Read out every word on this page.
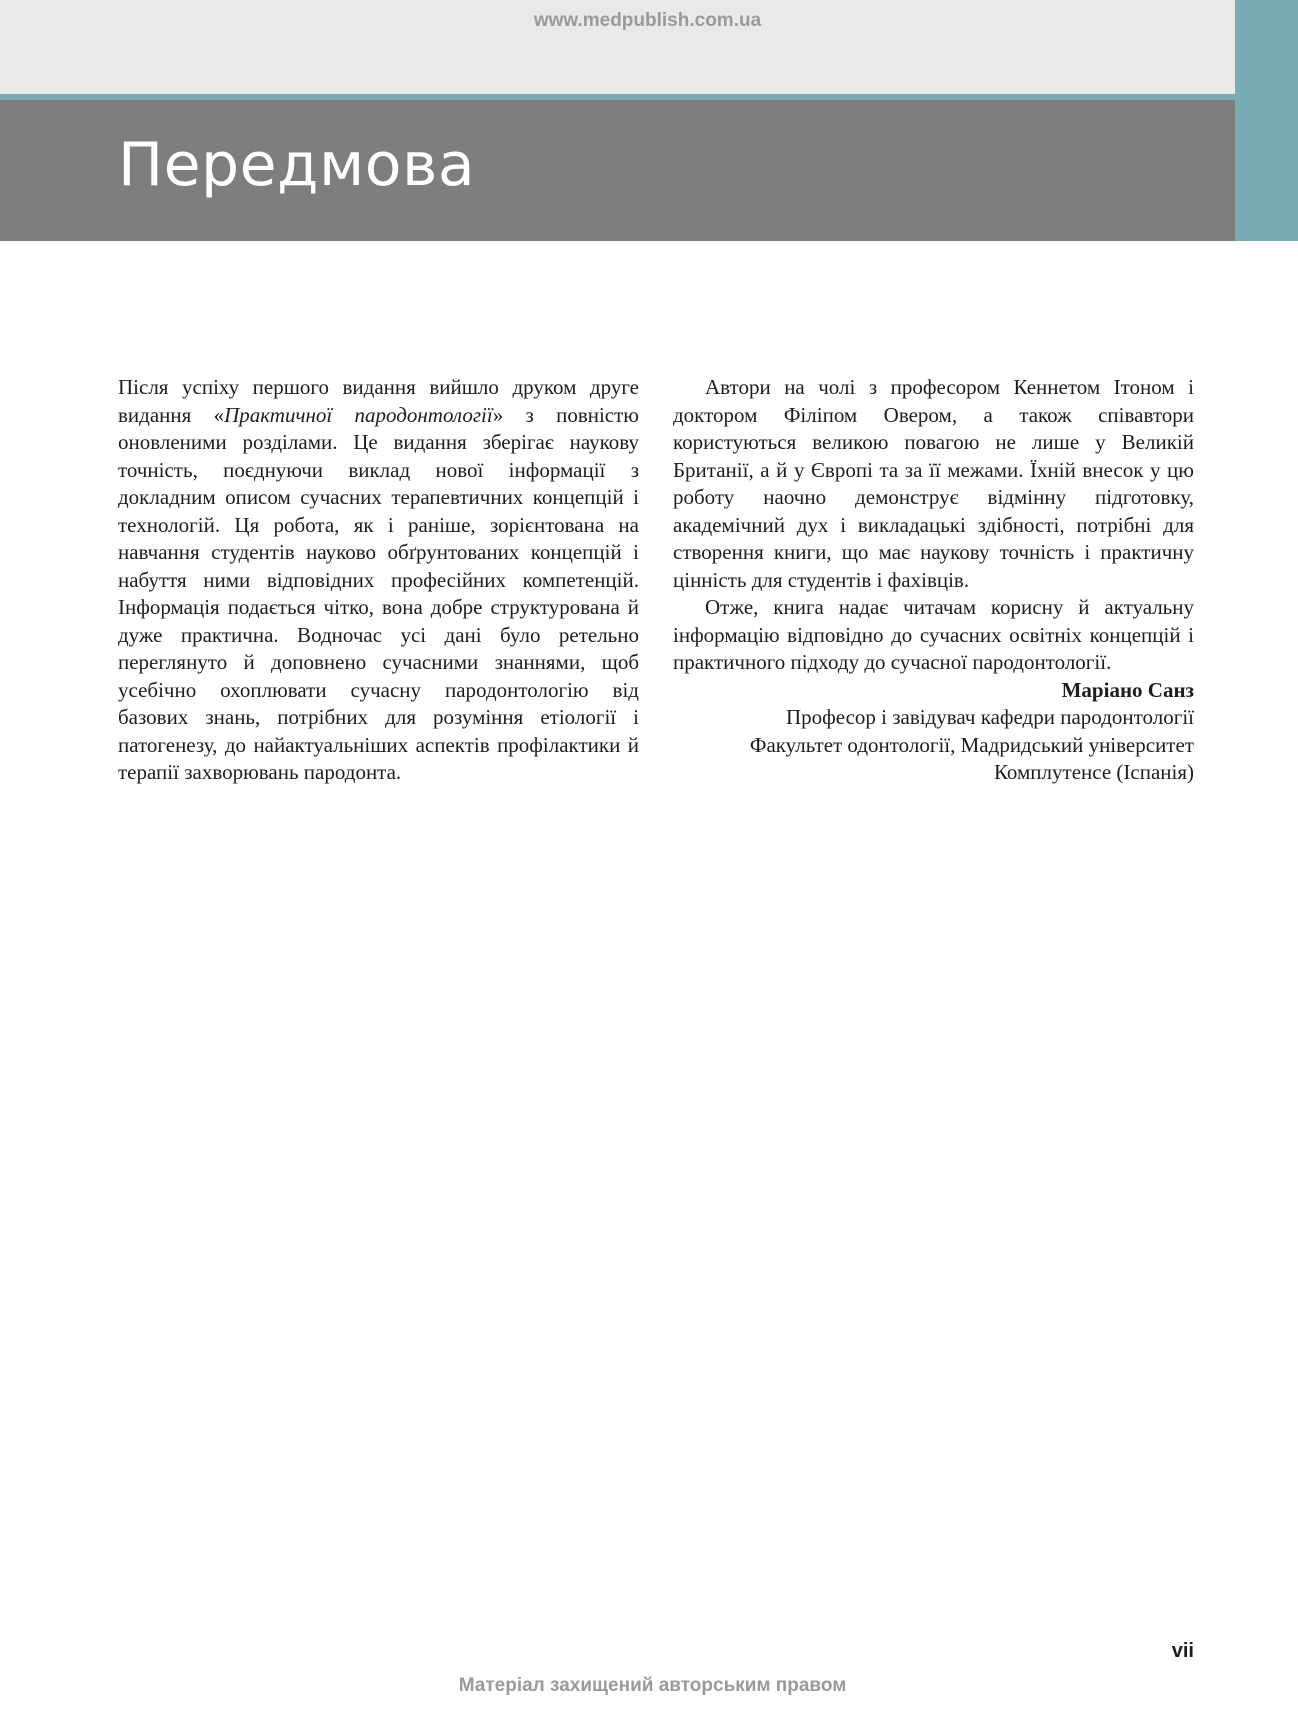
www.medpublish.com.ua
Передмова

Після успіху першого видання вийшло друком друге видання «Практичної пародонтології» з повністю оновленими розділами. Це видання зберігає наукову точність, поєднуючи виклад нової інформації з докладним описом сучасних терапевтичних концепцій і технологій. Ця робота, як і раніше, зорієнтована на навчання студентів науково обґрунтованих концепцій і набуття ними відповідних професійних компетенцій. Інформація подається чітко, вона добре структурована й дуже практична. Водночас усі дані було ретельно переглянуто й доповнено сучасними знаннями, щоб усебічно охоплювати сучасну пародонтологію від базових знань, потрібних для розуміння етіології і патогенезу, до найактуальніших аспектів профілактики й терапії захворювань пародонта.

Автори на чолі з професором Кеннетом Ітоном і доктором Філіпом Овером, а також співавтори користуються великою повагою не лише у Великій Британії, а й у Європі та за її межами. Їхній внесок у цю роботу наочно демонструє відмінну підготовку, академічний дух і викладацькі здібності, потрібні для створення книги, що має наукову точність і практичну цінність для студентів і фахівців.

Отже, книга надає читачам корисну й актуальну інформацію відповідно до сучасних освітніх концепцій і практичного підходу до сучасної пародонтології.

Маріано Санз
Професор і завідувач кафедри пародонтології
Факультет одонтології, Мадридський університет
Комплутенсе (Іспанія)
vii
Матеріал захищений авторським правом
